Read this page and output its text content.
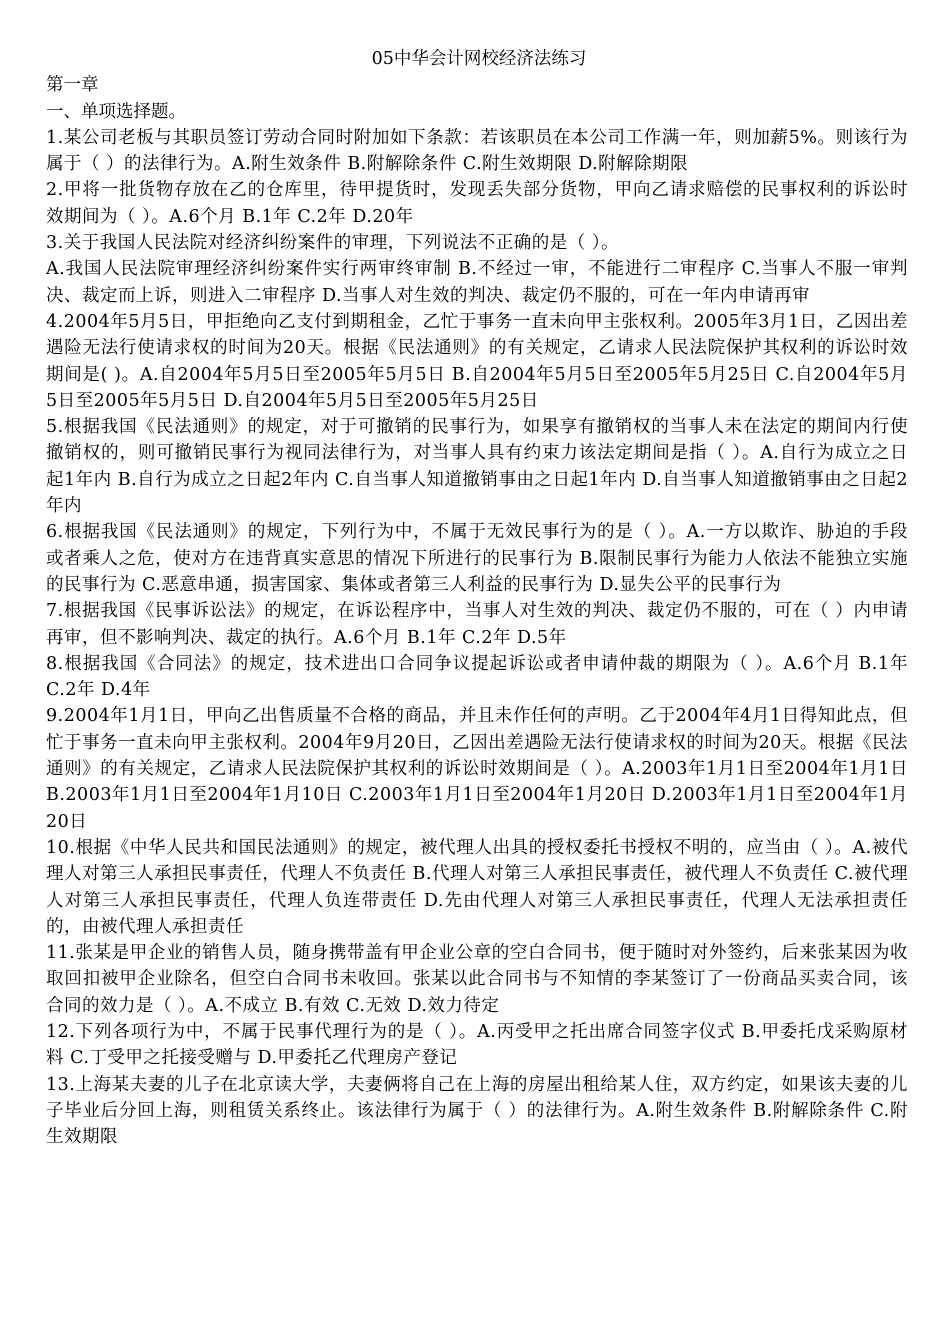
05中华会计网校经济法练习
第一章
一、单项选择题。
1.某公司老板与其职员签订劳动合同时附加如下条款：若该职员在本公司工作满一年，则加薪5%。则该行为属于（ ）的法律行为。A.附生效条件 B.附解除条件 C.附生效期限 D.附解除期限
2.甲将一批货物存放在乙的仓库里，待甲提货时，发现丢失部分货物，甲向乙请求赔偿的民事权利的诉讼时效期间为（ ）。A.6个月 B.1年 C.2年 D.20年
3.关于我国人民法院对经济纠纷案件的审理，下列说法不正确的是（ ）。
A.我国人民法院审理经济纠纷案件实行两审终审制 B.不经过一审，不能进行二审程序 C.当事人不服一审判决、裁定而上诉，则进入二审程序 D.当事人对生效的判决、裁定仍不服的，可在一年内申请再审
4.2004年5月5日，甲拒绝向乙支付到期租金，乙忙于事务一直未向甲主张权利。2005年3月1日，乙因出差遇险无法行使请求权的时间为20天。根据《民法通则》的有关规定，乙请求人民法院保护其权利的诉讼时效期间是( )。A.自2004年5月5日至2005年5月5日 B.自2004年5月5日至2005年5月25日 C.自2004年5月5日至2005年5月5日 D.自2004年5月5日至2005年5月25日
5.根据我国《民法通则》的规定，对于可撤销的民事行为，如果享有撤销权的当事人未在法定的期间内行使撤销权的，则可撤销民事行为视同法律行为，对当事人具有约束力该法定期间是指（ ）。A.自行为成立之日起1年内 B.自行为成立之日起2年内 C.自当事人知道撤销事由之日起1年内 D.自当事人知道撤销事由之日起2年内
6.根据我国《民法通则》的规定，下列行为中，不属于无效民事行为的是（ ）。A.一方以欺诈、胁迫的手段或者乘人之危，使对方在违背真实意思的情况下所进行的民事行为 B.限制民事行为能力人依法不能独立实施的民事行为 C.恶意串通，损害国家、集体或者第三人利益的民事行为 D.显失公平的民事行为
7.根据我国《民事诉讼法》的规定，在诉讼程序中，当事人对生效的判决、裁定仍不服的，可在（ ）内申请再审，但不影响判决、裁定的执行。A.6个月 B.1年 C.2年 D.5年
8.根据我国《合同法》的规定，技术进出口合同争议提起诉讼或者申请仲裁的期限为（ ）。A.6个月 B.1年 C.2年 D.4年
9.2004年1月1日，甲向乙出售质量不合格的商品，并且未作任何的声明。乙于2004年4月1日得知此点，但忙于事务一直未向甲主张权利。2004年9月20日，乙因出差遇险无法行使请求权的时间为20天。根据《民法通则》的有关规定，乙请求人民法院保护其权利的诉讼时效期间是（ ）。A.2003年1月1日至2004年1月1日 B.2003年1月1日至2004年1月10日 C.2003年1月1日至2004年1月20日 D.2003年1月1日至2004年1月20日
10.根据《中华人民共和国民法通则》的规定，被代理人出具的授权委托书授权不明的，应当由（ ）。A.被代理人对第三人承担民事责任，代理人不负责任 B.代理人对第三人承担民事责任，被代理人不负责任 C.被代理人对第三人承担民事责任，代理人负连带责任 D.先由代理人对第三人承担民事责任，代理人无法承担责任的，由被代理人承担责任
11.张某是甲企业的销售人员，随身携带盖有甲企业公章的空白合同书，便于随时对外签约，后来张某因为收取回扣被甲企业除名，但空白合同书未收回。张某以此合同书与不知情的李某签订了一份商品买卖合同，该合同的效力是（ ）。A.不成立 B.有效 C.无效 D.效力待定
12.下列各项行为中，不属于民事代理行为的是（ ）。A.丙受甲之托出席合同签字仪式 B.甲委托戊采购原材料 C.丁受甲之托接受赠与 D.甲委托乙代理房产登记
13.上海某夫妻的儿子在北京读大学，夫妻俩将自己在上海的房屋出租给某人住，双方约定，如果该夫妻的儿子毕业后分回上海，则租赁关系终止。该法律行为属于（ ）的法律行为。A.附生效条件 B.附解除条件 C.附生效期限
